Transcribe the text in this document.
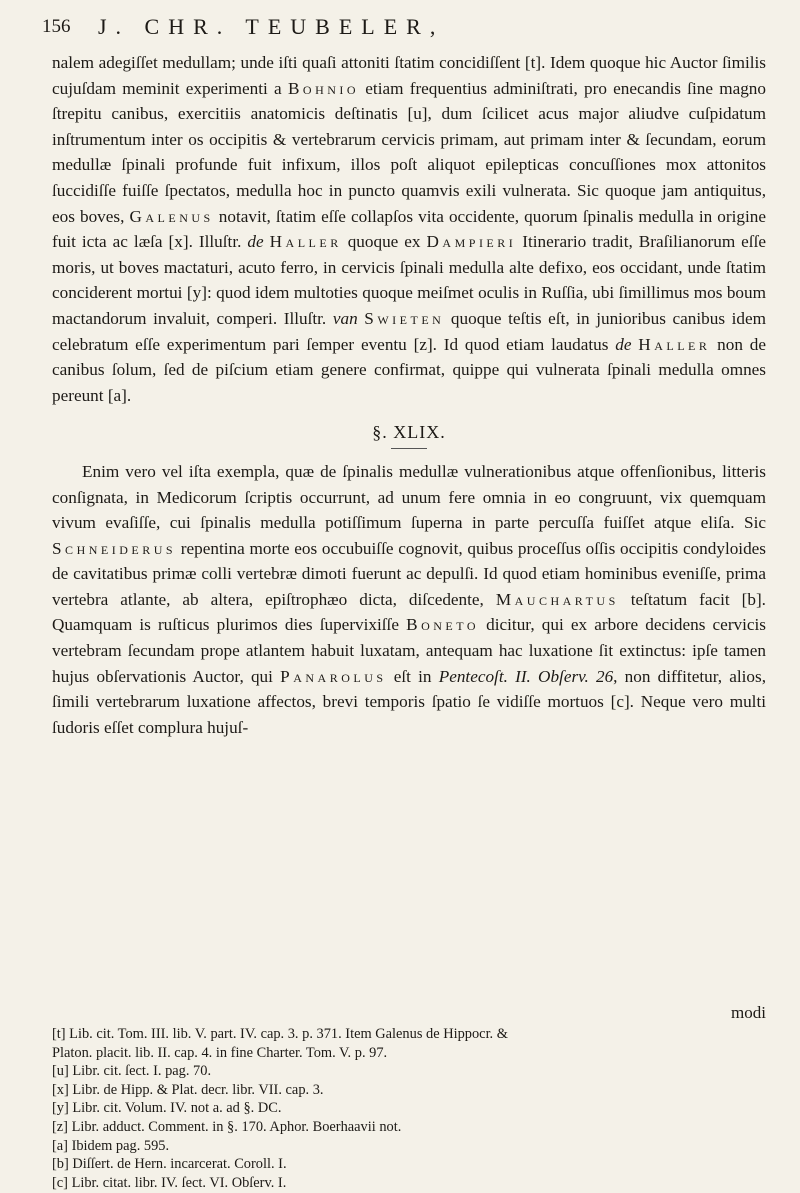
156 J. CHR. TEUBELER,

nalem adegiſſet medullam; unde iſti quaſi attoniti ſtatim concidiſſent [t]. Idem quoque hic Auctor ſimilis cujuſdam meminit experimenti a Bohnio etiam frequentius adminiſtrati, pro enecandis ſine magno ſtrepitu canibus, exercitiis anatomicis deſtinatis [u], dum ſcilicet acus major aliudve cuſpidatum inſtrumentum inter os occipitis & vertebrarum cervicis primam, aut primam inter & ſecundam, eorum medullæ ſpinali profunde fuit infixum, illos poſt aliquot epilepticas concuſſiones mox attonitos ſuccidiſſe fuiſſe ſpectatos, medulla hoc in puncto quamvis exili vulnerata. Sic quoque jam antiquitus, eos boves, Galenus notavit, ſtatim eſſe collapſos vita occidente, quorum ſpinalis medulla in origine fuit icta ac læſa [x]. Illuſtr. de Haller quoque ex Dampieri Itinerario tradit, Braſilianorum eſſe moris, ut boves mactaturi, acuto ferro, in cervicis ſpinali medulla alte defixo, eos occidant, unde ſtatim conciderent mortui [y]: quod idem multoties quoque meiſmet oculis in Ruſſia, ubi ſimillimus mos boum mactandorum invaluit, comperi. Illuſtr. van Swieten quoque teſtis eſt, in junioribus canibus idem celebratum eſſe experimentum pari ſemper eventu [z]. Id quod etiam laudatus de Haller non de canibus ſolum, ſed de piſcium etiam genere confirmat, quippe qui vulnerata ſpinali medulla omnes pereunt [a].

§. XLIX.

Enim vero vel iſta exempla, quæ de ſpinalis medullæ vulnerationibus atque offenſionibus, litteris conſignata, in Medicorum ſcriptis occurrunt, ad unum fere omnia in eo congruunt, vix quemquam vivum evaſiſſe, cui ſpinalis medulla potiſſimum ſuperna in parte percuſſa fuiſſet atque eliſa. Sic Schneiderus repentina morte eos occubuiſſe cognovit, quibus proceſſus oſſis occipitis condyloides de cavitatibus primæ colli vertebræ dimoti fuerunt ac depulſi. Id quod etiam hominibus eveniſſe, prima vertebra atlante, ab altera, epiſtrophæo dicta, diſcedente, Mauchartus teſtatum facit [b]. Quamquam is ruſticus plurimos dies ſupervixiſſe Boneto dicitur, qui ex arbore decidens cervicis vertebram ſecundam prope atlantem habuit luxatam, antequam hac luxatione ſit extinctus: ipſe tamen hujus obſervationis Auctor, qui Panarolus eſt in Pentecoſt. II. Obſerv. 26, non diffitetur, alios, ſimili vertebrarum luxatione affectos, brevi temporis ſpatio ſe vidiſſe mortuos [c]. Neque vero multi ſudoris eſſet complura hujuſ-

modi
[t] Lib. cit. Tom. III. lib. V. part. IV. cap. 3. p. 371. Item Galenus de Hippocr. &
Platon. placit. lib. II. cap. 4. in fine Charter. Tom. V. p. 97.
[u] Libr. cit. ſect. I. pag. 70.
[x] Libr. de Hipp. & Plat. decr. libr. VII. cap. 3.
[y] Libr. cit. Volum. IV. not a. ad §. DC.
[z] Libr. adduct. Comment. in §. 170. Aphor. Boerhaavii not.
[a] Ibidem pag. 595.
[b] Diſſert. de Hern. incarcerat. Coroll. I.
[c] Libr. citat. libr. IV. ſect. VI. Obſerv. I.
